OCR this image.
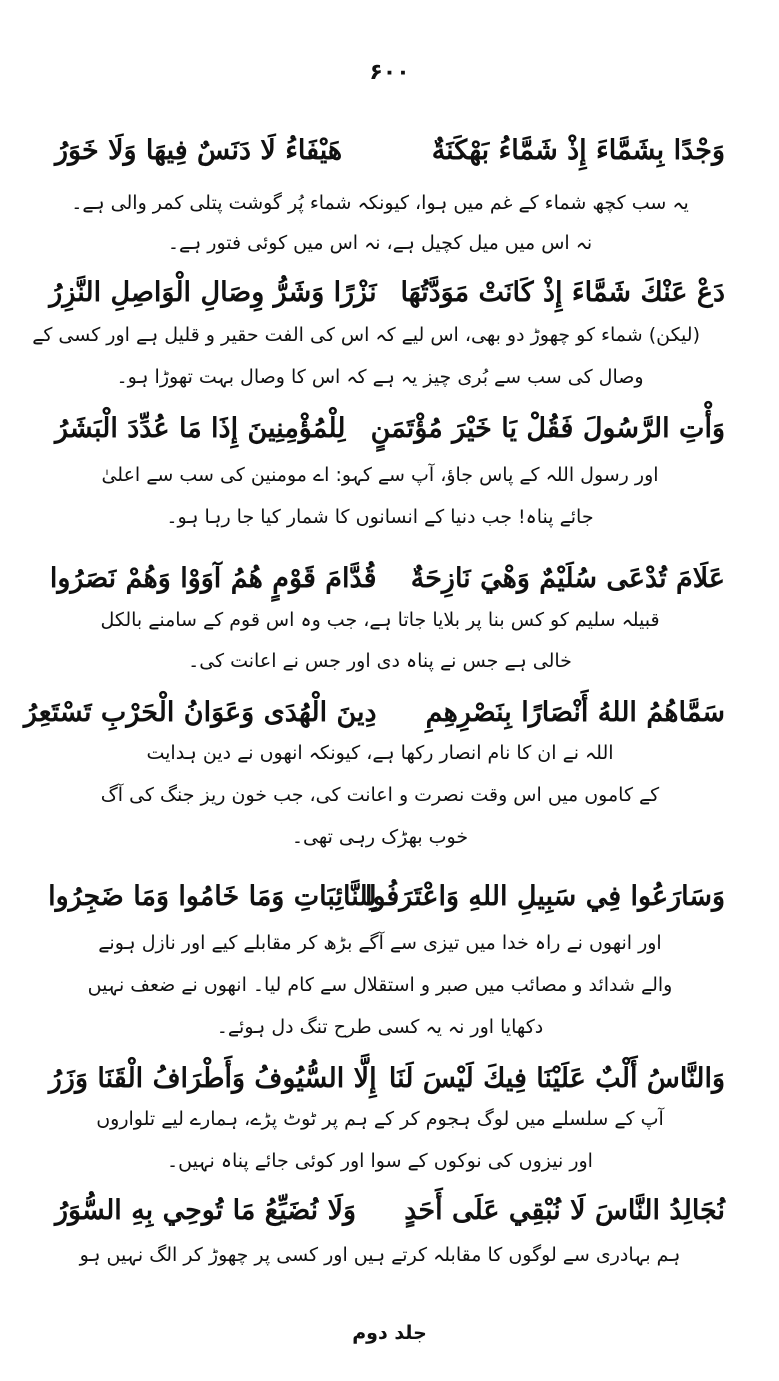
۶۰۰
وَجْدًا بِشَمَّاءَ إِذْ شَمَّاءُ بَهْكَنَةٌ
هَيْفَاءُ لَا دَنَسٌ فِيهَا وَلَا خَوَرُ
یہ سب کچھ شماء کے غم میں ہوا، کیونکہ شماء پُر گوشت پتلی کمر والی ہے۔
نہ اس میں میل کچیل ہے، نہ اس میں کوئی فتور ہے۔
دَعْ عَنْكَ شَمَّاءَ إِذْ كَانَتْ مَوَدَّتُهَا
نَزْرًا وَشَرُّ وِصَالِ الْوَاصِلِ النَّزِرُ
(لیکن) شماء کو چھوڑ دو بھی، اس لیے کہ اس کی الفت حقیر و قلیل ہے اور کسی کے
وصال کی سب سے بُری چیز یہ ہے کہ اس کا وصال بہت تھوڑا ہو۔
وَأْتِ الرَّسُولَ فَقُلْ يَا خَيْرَ مُؤْتَمَنٍ
لِلْمُؤْمِنِينَ إِذَا مَا عُدِّدَ الْبَشَرُ
اور رسول اللہ کے پاس جاؤ، آپ سے کہو: اے مومنین کی سب سے اعلیٰ
جائے پناہ! جب دنیا کے انسانوں کا شمار کیا جا رہا ہو۔
عَلَامَ تُدْعَى سُلَيْمٌ وَهْيَ نَازِحَةٌ
قُدَّامَ قَوْمٍ هُمُ آوَوْا وَهُمْ نَصَرُوا
قبیلہ سلیم کو کس بنا پر بلایا جاتا ہے، جب وہ اس قوم کے سامنے بالکل
خالی ہے جس نے پناہ دی اور جس نے اعانت کی۔
سَمَّاهُمُ اللهُ أَنْصَارًا بِنَصْرِهِمِ
دِينَ الْهُدَى وَعَوَانُ الْحَرْبِ تَسْتَعِرُ
اللہ نے ان کا نام انصار رکھا ہے، کیونکہ انھوں نے دین ہدایت
کے کاموں میں اس وقت نصرت و اعانت کی، جب خون ریز جنگ کی آگ
خوب بھڑک رہی تھی۔
وَسَارَعُوا فِي سَبِيلِ اللهِ وَاعْتَرَفُوا
لِلنَّائِبَاتِ وَمَا خَامُوا وَمَا ضَجِرُوا
اور انھوں نے راہ خدا میں تیزی سے آگے بڑھ کر مقابلے کیے اور نازل ہونے
والے شدائد و مصائب میں صبر و استقلال سے کام لیا۔ انھوں نے ضعف نہیں
دکھایا اور نہ یہ کسی طرح تنگ دل ہوئے۔
وَالنَّاسُ أَلْبٌ عَلَيْنَا فِيكَ لَيْسَ لَنَا
إِلَّا السُّيُوفُ وَأَطْرَافُ الْقَنَا وَزَرُ
آپ کے سلسلے میں لوگ ہجوم کر کے ہم پر ٹوٹ پڑے، ہمارے لیے تلواروں
اور نیزوں کی نوکوں کے سوا اور کوئی جائے پناہ نہیں۔
نُجَالِدُ النَّاسَ لَا نُبْقِي عَلَى أَحَدٍ
وَلَا نُضَيِّعُ مَا تُوحِي بِهِ السُّوَرُ
ہم بہادری سے لوگوں کا مقابلہ کرتے ہیں اور کسی پر چھوڑ کر الگ نہیں ہو
جلد دوم
